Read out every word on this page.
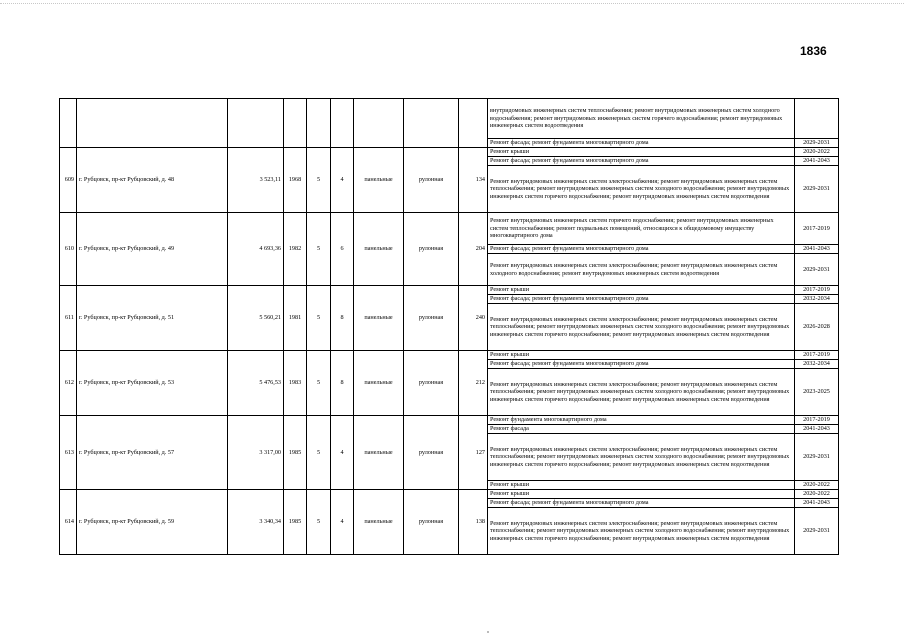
1836
									внутридомовых инженерных систем теплоснабжения; ремонт внутридомовых инженерных систем холодного водоснабжения; ремонт внутридомовых инженерных систем горячего водоснабжения; ремонт внутридомовых инженерных систем водоотведения	
									Ремонт фасада; ремонт фундамента многоквартирного дома	2029-2031
609	г. Рубцовск, пр-кт Рубцовский, д. 48	3 523,11	1968	5	4	панельные	рулонная	134	Ремонт крыши	2020-2022
									Ремонт фасада; ремонт фундамента многоквартирного дома	2041-2043
									Ремонт внутридомовых инженерных систем электроснабжения; ремонт внутридомовых инженерных систем теплоснабжения; ремонт внутридомовых инженерных систем холодного водоснабжения; ремонт внутридомовых инженерных систем горячего водоснабжения; ремонт внутридомовых инженерных систем водоотведения	2029-2031
610	г. Рубцовск, пр-кт Рубцовский, д. 49	4 693,36	1982	5	6	панельные	рулонная	204	Ремонт внутридомовых инженерных систем горячего водоснабжения; ремонт внутридомовых инженерных систем теплоснабжения; ремонт подвальных помещений, относящихся к общедомовому имуществу многоквартирного дома	2017-2019
									Ремонт фасада; ремонт фундамента многоквартирного дома	2041-2043
									Ремонт внутридомовых инженерных систем электроснабжения; ремонт внутридомовых инженерных систем холодного водоснабжения; ремонт внутридомовых инженерных систем водоотведения	2029-2031
611	г. Рубцовск, пр-кт Рубцовский, д. 51	5 560,21	1981	5	8	панельные	рулонная	240	Ремонт крыши	2017-2019
									Ремонт фасада; ремонт фундамента многоквартирного дома	2032-2034
									Ремонт внутридомовых инженерных систем электроснабжения; ремонт внутридомовых инженерных систем теплоснабжения; ремонт внутридомовых инженерных систем холодного водоснабжения; ремонт внутридомовых инженерных систем горячего водоснабжения; ремонт внутридомовых инженерных систем водоотведения	2026-2028
612	г. Рубцовск, пр-кт Рубцовский, д. 53	5 476,53	1983	5	8	панельные	рулонная	212	Ремонт крыши	2017-2019
									Ремонт фасада; ремонт фундамента многоквартирного дома	2032-2034
									Ремонт внутридомовых инженерных систем электроснабжения; ремонт внутридомовых инженерных систем теплоснабжения; ремонт внутридомовых инженерных систем холодного водоснабжения; ремонт внутридомовых инженерных систем горячего водоснабжения; ремонт внутридомовых инженерных систем водоотведения	2023-2025
613	г. Рубцовск, пр-кт Рубцовский, д. 57	3 317,00	1985	5	4	панельные	рулонная	127	Ремонт фундамента многоквартирного дома	2017-2019
									Ремонт фасада	2041-2043
									Ремонт внутридомовых инженерных систем электроснабжения; ремонт внутридомовых инженерных систем теплоснабжения; ремонт внутридомовых инженерных систем холодного водоснабжения; ремонт внутридомовых инженерных систем горячего водоснабжения; ремонт внутридомовых инженерных систем водоотведения	2029-2031
									Ремонт крыши	2020-2022
614	г. Рубцовск, пр-кт Рубцовский, д. 59	3 340,34	1985	5	4	панельные	рулонная	138	Ремонт крыши	2020-2022
									Ремонт фасада; ремонт фундамента многоквартирного дома	2041-2043
									Ремонт внутридомовых инженерных систем электроснабжения; ремонт внутридомовых инженерных систем теплоснабжения; ремонт внутридомовых инженерных систем холодного водоснабжения; ремонт внутридомовых инженерных систем горячего водоснабжения; ремонт внутридомовых инженерных систем водоотведения	2029-2031
